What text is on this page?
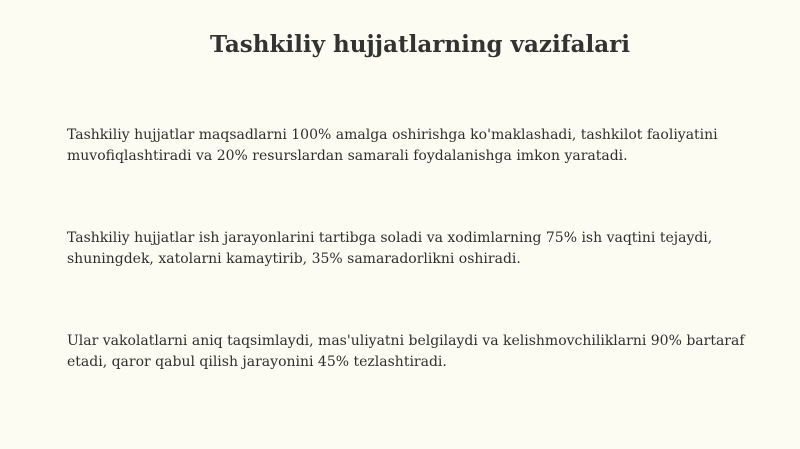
Tashkiliy hujjatlarning vazifalari

Tashkiliy hujjatlar maqsadlarni 100% amalga oshirishga ko'maklashadi, tashkilot faoliyatini muvofiqlashtiradi va 20% resurslardan samarali foydalanishga imkon yaratadi.

Tashkiliy hujjatlar ish jarayonlarini tartibga soladi va xodimlarning 75% ish vaqtini tejaydi, shuningdek, xatolarni kamaytirib, 35% samaradorlikni oshiradi.

Ular vakolatlarni aniq taqsimlaydi, mas'uliyatni belgilaydi va kelishmovchiliklarni 90% bartaraf etadi, qaror qabul qilish jarayonini 45% tezlashtiradi.
